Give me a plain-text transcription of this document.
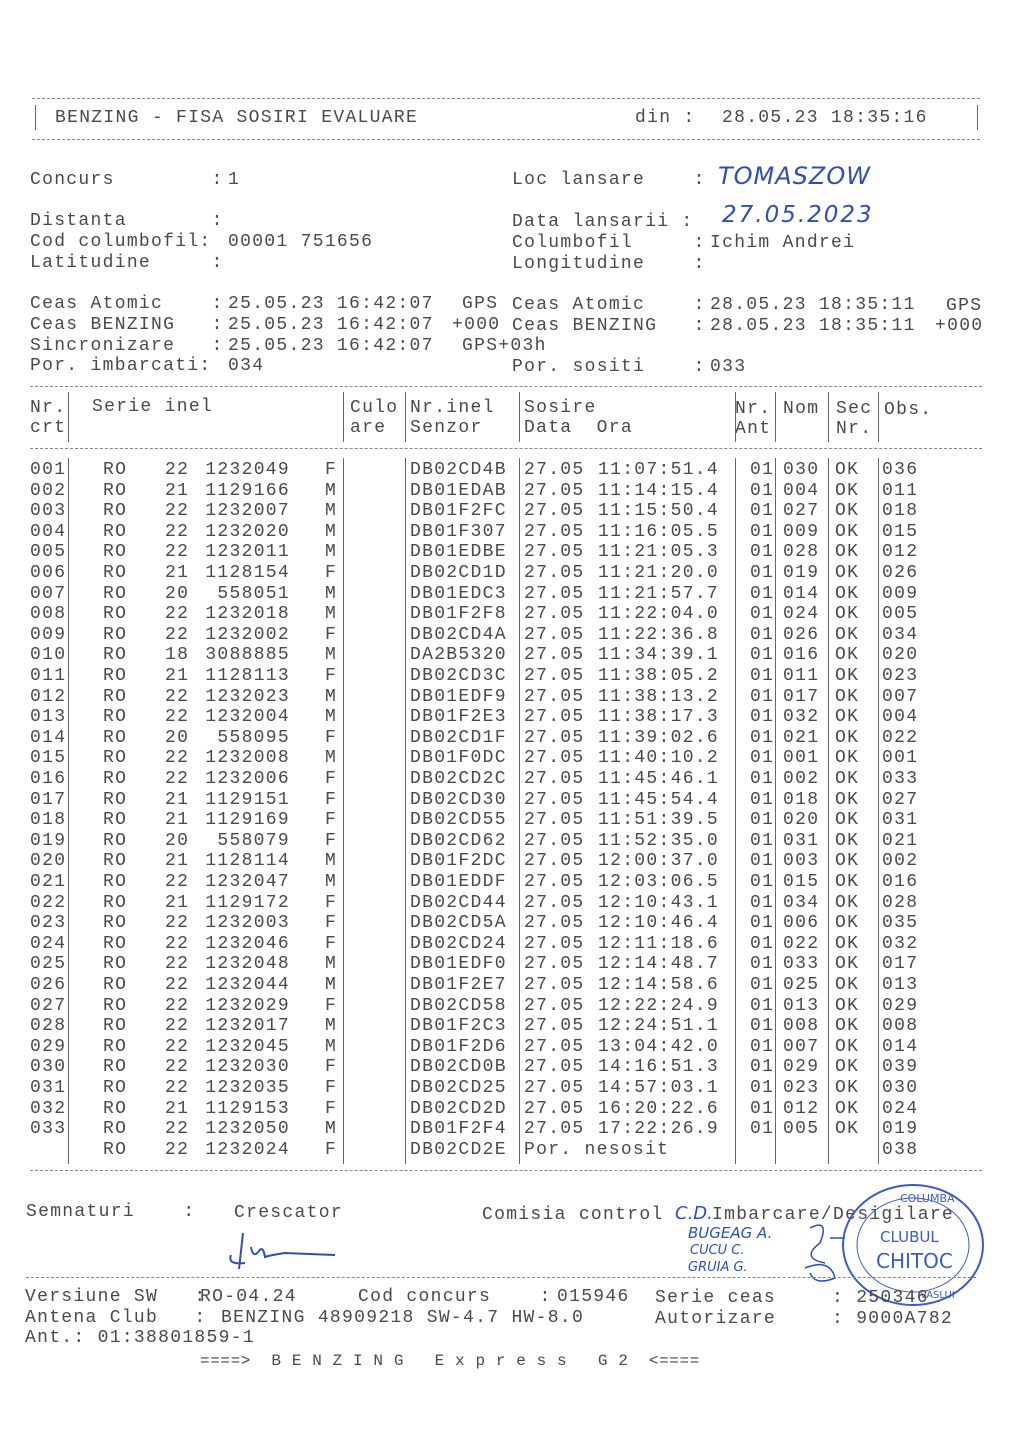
BENZING - FISA SOSIRI EVALUARE	din : 28.05.23 18:35:16
Concurs        : 1	Loc lansare    : TOMASZOW
Distanta       :	Data lansarii : 27.05.2023
Cod columbofil: 00001 751656	Columbofil     : Ichim Andrei
Latitudine     :	Longitudine    :
Ceas Atomic    : 25.05.23 16:42:07 GPS
Ceas BENZING   : 25.05.23 16:42:07 +000
Sincronizare   : 25.05.23 16:42:07 GPS+03h
Ceas Atomic    : 28.05.23 18:35:11 GPS
Ceas BENZING   : 28.05.23 18:35:11 +000
Por. imbarcati: 034	Por. sositi    : 033
Nr.
crt
Serie inel	Culo
are
Nr.inel
Senzor
Sosire
Data  Ora
Nr.
Ant
Nom Sec
Nr.
Obs.
001 RO 22 1232049 F	DB02CD4B 27.05 11:07:51.4 01 030 OK 036
002 RO 21 1129166 M	DB01EDAB 27.05 11:14:15.4 01 004 OK 011
003 RO 22 1232007 M	DB01F2FC 27.05 11:15:50.4 01 027 OK 018
004 RO 22 1232020 M	DB01F307 27.05 11:16:05.5 01 009 OK 015
005 RO 22 1232011 M	DB01EDBE 27.05 11:21:05.3 01 028 OK 012
006 RO 21 1128154 F	DB02CD1D 27.05 11:21:20.0 01 019 OK 026
007 RO 20	558051 M	DB01EDC3 27.05 11:21:57.7 01 014 OK 009
008 RO 22 1232018 M	DB01F2F8 27.05 11:22:04.0 01 024 OK 005
009 RO 22 1232002 F	DB02CD4A 27.05 11:22:36.8 01 026 OK 034
010 RO 18 3088885 M	DA2B5320 27.05 11:34:39.1 01 016 OK 020
011 RO 21 1128113 F	DB02CD3C 27.05 11:38:05.2 01 011 OK 023
012 RO 22 1232023 M	DB01EDF9 27.05 11:38:13.2 01 017 OK 007
013 RO 22 1232004 M	DB01F2E3 27.05 11:38:17.3 01 032 OK 004
014 RO 20	558095 F	DB02CD1F 27.05 11:39:02.6 01 021 OK 022
015 RO 22 1232008 M	DB01F0DC 27.05 11:40:10.2 01 001 OK 001
016 RO 22 1232006 F	DB02CD2C 27.05 11:45:46.1 01 002 OK 033
017 RO 21 1129151 F	DB02CD30 27.05 11:45:54.4 01 018 OK 027
018 RO 21 1129169 F	DB02CD55 27.05 11:51:39.5 01 020 OK 031
019 RO 20	558079 F	DB02CD62 27.05 11:52:35.0 01 031 OK 021
020 RO 21 1128114 M	DB01F2DC 27.05 12:00:37.0 01 003 OK 002
021 RO 22 1232047 M	DB01EDDF 27.05 12:03:06.5 01 015 OK 016
022 RO 21 1129172 F	DB02CD44 27.05 12:10:43.1 01 034 OK 028
023 RO 22 1232003 F	DB02CD5A 27.05 12:10:46.4 01 006 OK 035
024 RO 22 1232046 F	DB02CD24 27.05 12:11:18.6 01 022 OK 032
025 RO 22 1232048 M	DB01EDF0 27.05 12:14:48.7 01 033 OK 017
026 RO 22 1232044 M	DB01F2E7 27.05 12:14:58.6 01 025 OK 013
027 RO 22 1232029 F	DB02CD58 27.05 12:22:24.9 01 013 OK 029
028 RO 22 1232017 M	DB01F2C3 27.05 12:24:51.1 01 008 OK 008
029 RO 22 1232045 M	DB01F2D6 27.05 13:04:42.0 01 007 OK 014
030 RO 22 1232030 F	DB02CD0B 27.05 14:16:51.3 01 029 OK 039
031 RO 22 1232035 F	DB02CD25 27.05 14:57:03.1 01 023 OK 030
032 RO 21 1129153 F	DB02CD2D 27.05 16:20:22.6 01 012 OK 024
033 RO 22 1232050 M	DB01F2F4 27.05 17:22:26.9 01 005 OK 019
RO 22 1232024 F	DB02CD2E Por. nesosit	038
Semnaturi    : Crescator	Comisia control C.D. Imbarcare/Desigilare
BUGEAG A.
CUCU C.
GRUIA G.
COLUMBA
CLUBUL
CHITOC
VASLUI
Versiune SW   :
RO-04.24	Cod concurs    : 015946 Serie ceas	: 250346
Antena Club   : BENZING 48909218 SW-4.7 HW-8.0	Autorizare	: 9000A782
Ant.: 01:38801859-1
====>  B E N Z I N G   E x p r e s s   G 2  <====
